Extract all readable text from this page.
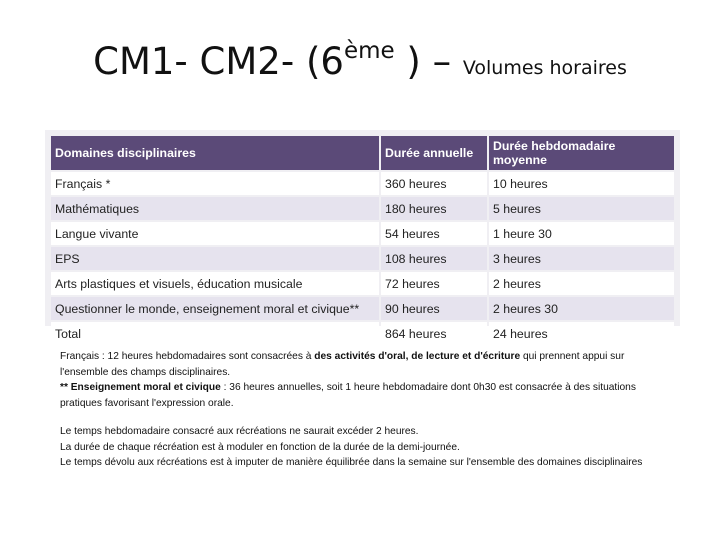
CM1- CM2- (6ème ) – Volumes horaires
Domaines disciplinaires	Durée annuelle	Durée hebdomadaire moyenne
Français *	360 heures	10 heures
Mathématiques	180 heures	5 heures
Langue vivante	54 heures	1 heure 30
EPS	108 heures	3 heures
Arts plastiques et visuels, éducation musicale	72 heures	2 heures
Questionner le monde, enseignement moral et civique**	90 heures	2 heures 30
Total	864 heures	24 heures

Français : 12 heures hebdomadaires sont consacrées à des activités d'oral, de lecture et d'écriture qui prennent appui sur l'ensemble des champs disciplinaires.

** Enseignement moral et civique : 36 heures annuelles, soit 1 heure hebdomadaire dont 0h30 est consacrée à des situations pratiques favorisant l'expression orale.

Le temps hebdomadaire consacré aux récréations ne saurait excéder 2 heures.

La durée de chaque récréation est à moduler en fonction de la durée de la demi-journée.

Le temps dévolu aux récréations est à imputer de manière équilibrée dans la semaine sur l'ensemble des domaines disciplinaires
